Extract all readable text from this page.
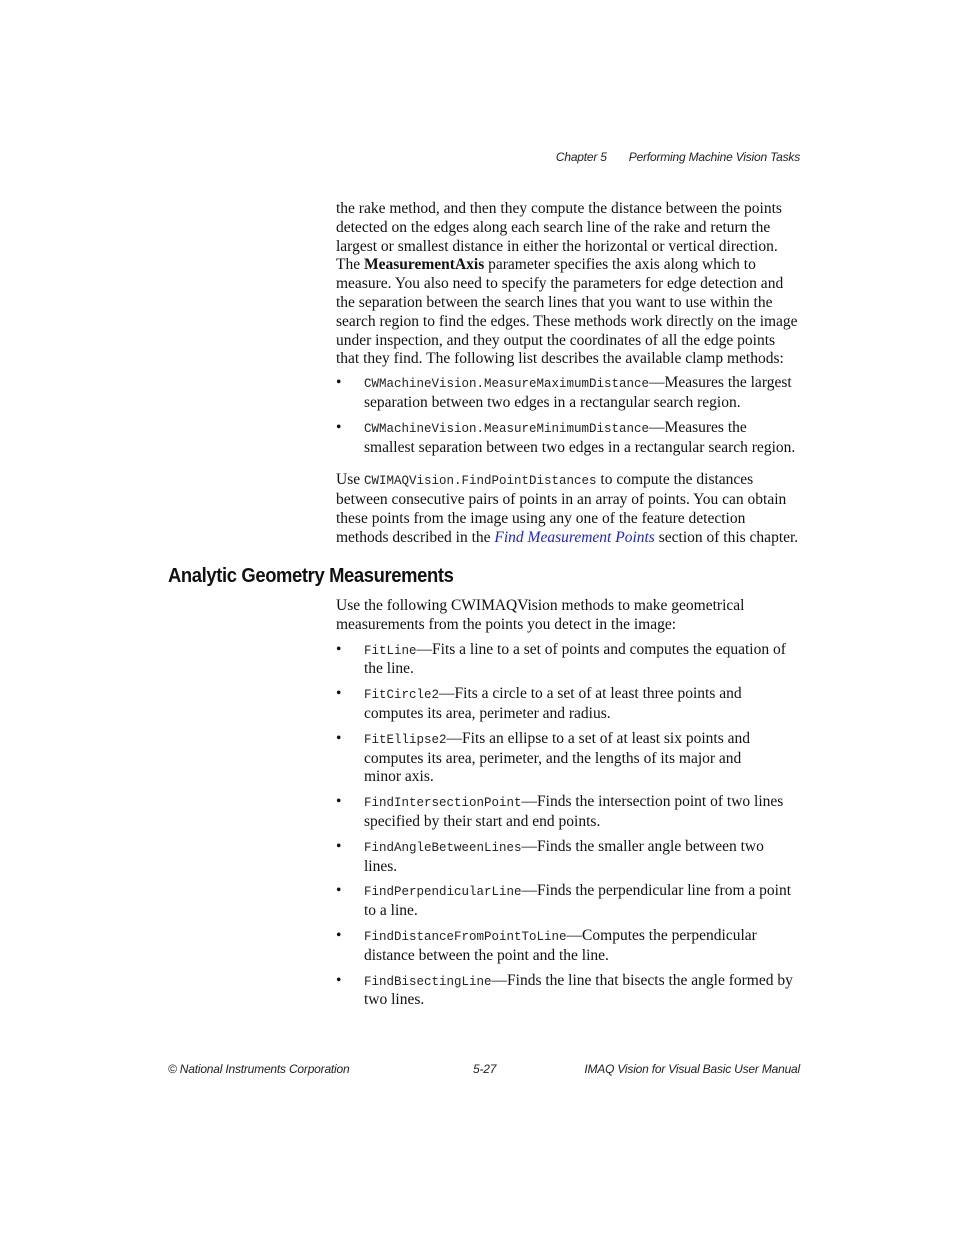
Chapter 5 Performing Machine Vision Tasks

the rake method, and then they compute the distance between the points detected on the edges along each search line of the rake and return the largest or smallest distance in either the horizontal or vertical direction. The MeasurementAxis parameter specifies the axis along which to measure. You also need to specify the parameters for edge detection and the separation between the search lines that you want to use within the search region to find the edges. These methods work directly on the image under inspection, and they output the coordinates of all the edge points that they find. The following list describes the available clamp methods:

• CWMachineVision.MeasureMaximumDistance—Measures the largest separation between two edges in a rectangular search region.
• CWMachineVision.MeasureMinimumDistance—Measures the smallest separation between two edges in a rectangular search region.

Use CWIMAQVision.FindPointDistances to compute the distances between consecutive pairs of points in an array of points. You can obtain these points from the image using any one of the feature detection methods described in the Find Measurement Points section of this chapter.

Analytic Geometry Measurements

Use the following CWIMAQVision methods to make geometrical measurements from the points you detect in the image:

• FitLine—Fits a line to a set of points and computes the equation of the line.
• FitCircle2—Fits a circle to a set of at least three points and computes its area, perimeter and radius.
• FitEllipse2—Fits an ellipse to a set of at least six points and computes its area, perimeter, and the lengths of its major and minor axis.
• FindIntersectionPoint—Finds the intersection point of two lines specified by their start and end points.
• FindAngleBetweenLines—Finds the smaller angle between two lines.
• FindPerpendicularLine—Finds the perpendicular line from a point to a line.
• FindDistanceFromPointToLine—Computes the perpendicular distance between the point and the line.
• FindBisectingLine—Finds the line that bisects the angle formed by two lines.
© National Instruments Corporation	5-27	IMAQ Vision for Visual Basic User Manual
